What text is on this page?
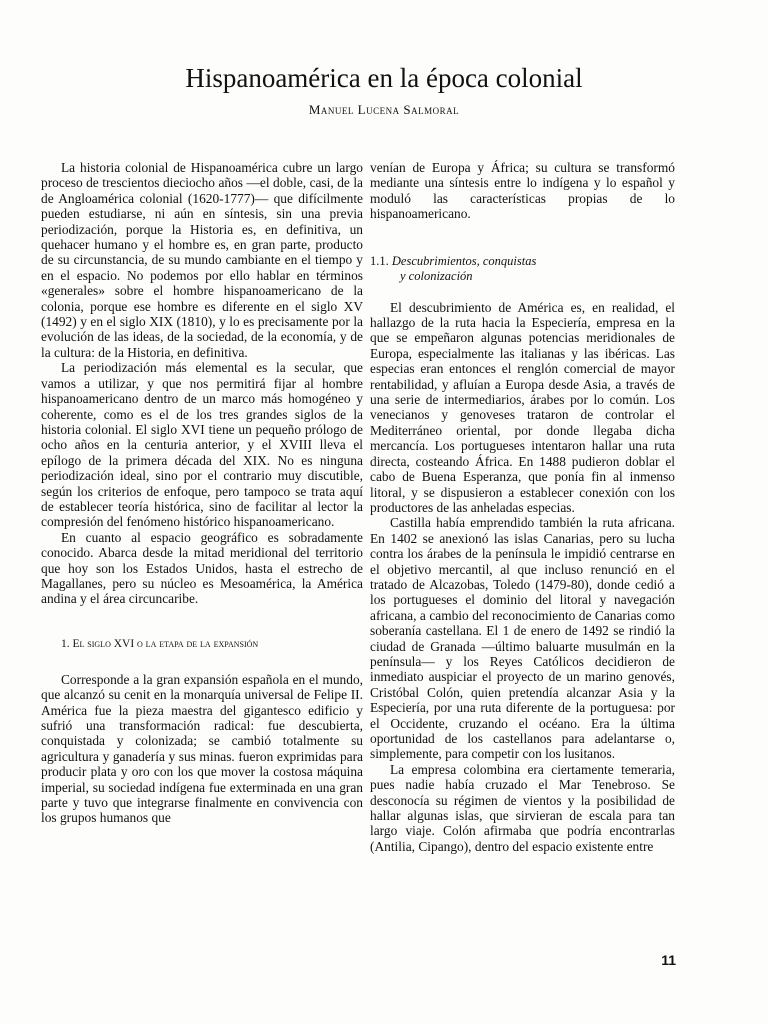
Hispanoamérica en la época colonial
Manuel Lucena Salmoral

La historia colonial de Hispanoamérica cubre un largo proceso de trescientos dieciocho años —el doble, casi, de la de Angloamérica colonial (1620-1777)— que difícilmente pueden estudiarse, ni aún en síntesis, sin una previa periodización, porque la Historia es, en definitiva, un quehacer humano y el hombre es, en gran parte, producto de su circunstancia, de su mundo cambiante en el tiempo y en el espacio. No podemos por ello hablar en términos «generales» sobre el hombre hispanoamericano de la colonia, porque ese hombre es diferente en el siglo XV (1492) y en el siglo XIX (1810), y lo es precisamente por la evolución de las ideas, de la sociedad, de la economía, y de la cultura: de la Historia, en definitiva.

La periodización más elemental es la secular, que vamos a utilizar, y que nos permitirá fijar al hombre hispanoamericano dentro de un marco más homogéneo y coherente, como es el de los tres grandes siglos de la historia colonial. El siglo XVI tiene un pequeño prólogo de ocho años en la centuria anterior, y el XVIII lleva el epílogo de la primera década del XIX. No es ninguna periodización ideal, sino por el contrario muy discutible, según los criterios de enfoque, pero tampoco se trata aquí de establecer teoría histórica, sino de facilitar al lector la compresión del fenómeno histórico hispanoamericano.

En cuanto al espacio geográfico es sobradamente conocido. Abarca desde la mitad meridional del territorio que hoy son los Estados Unidos, hasta el estrecho de Magallanes, pero su núcleo es Mesoamérica, la América andina y el área circuncaribe.

1. El siglo XVI o la etapa de la expansión

Corresponde a la gran expansión española en el mundo, que alcanzó su cenit en la monarquía universal de Felipe II. América fue la pieza maestra del gigantesco edificio y sufrió una transformación radical: fue descubierta, conquistada y colonizada; se cambió totalmente su agricultura y ganadería y sus minas. fueron exprimidas para producir plata y oro con los que mover la costosa máquina imperial, su sociedad indígena fue exterminada en una gran parte y tuvo que integrarse finalmente en convivencia con los grupos humanos que

venían de Europa y África; su cultura se transformó mediante una síntesis entre lo indígena y lo español y moduló las características propias de lo hispanoamericano.

1.1. Descubrimientos, conquistas
y colonización

El descubrimiento de América es, en realidad, el hallazgo de la ruta hacia la Especiería, empresa en la que se empeñaron algunas potencias meridionales de Europa, especialmente las italianas y las ibéricas. Las especias eran entonces el renglón comercial de mayor rentabilidad, y afluían a Europa desde Asia, a través de una serie de intermediarios, árabes por lo común. Los venecianos y genoveses trataron de controlar el Mediterráneo oriental, por donde llegaba dicha mercancía. Los portugueses intentaron hallar una ruta directa, costeando África. En 1488 pudieron doblar el cabo de Buena Esperanza, que ponía fin al inmenso litoral, y se dispusieron a establecer conexión con los productores de las anheladas especias.

Castilla había emprendido también la ruta africana. En 1402 se anexionó las islas Canarias, pero su lucha contra los árabes de la península le impidió centrarse en el objetivo mercantil, al que incluso renunció en el tratado de Alcazobas, Toledo (1479-80), donde cedió a los portugueses el dominio del litoral y navegación africana, a cambio del reconocimiento de Canarias como soberanía castellana. El 1 de enero de 1492 se rindió la ciudad de Granada —último baluarte musulmán en la península— y los Reyes Católicos decidieron de inmediato auspiciar el proyecto de un marino genovés, Cristóbal Colón, quien pretendía alcanzar Asia y la Especiería, por una ruta diferente de la portuguesa: por el Occidente, cruzando el océano. Era la última oportunidad de los castellanos para adelantarse o, simplemente, para competir con los lusitanos.

La empresa colombina era ciertamente temeraria, pues nadie había cruzado el Mar Tenebroso. Se desconocía su régimen de vientos y la posibilidad de hallar algunas islas, que sirvieran de escala para tan largo viaje. Colón afirmaba que podría encontrarlas (Antilia, Cipango), dentro del espacio existente entre

11
